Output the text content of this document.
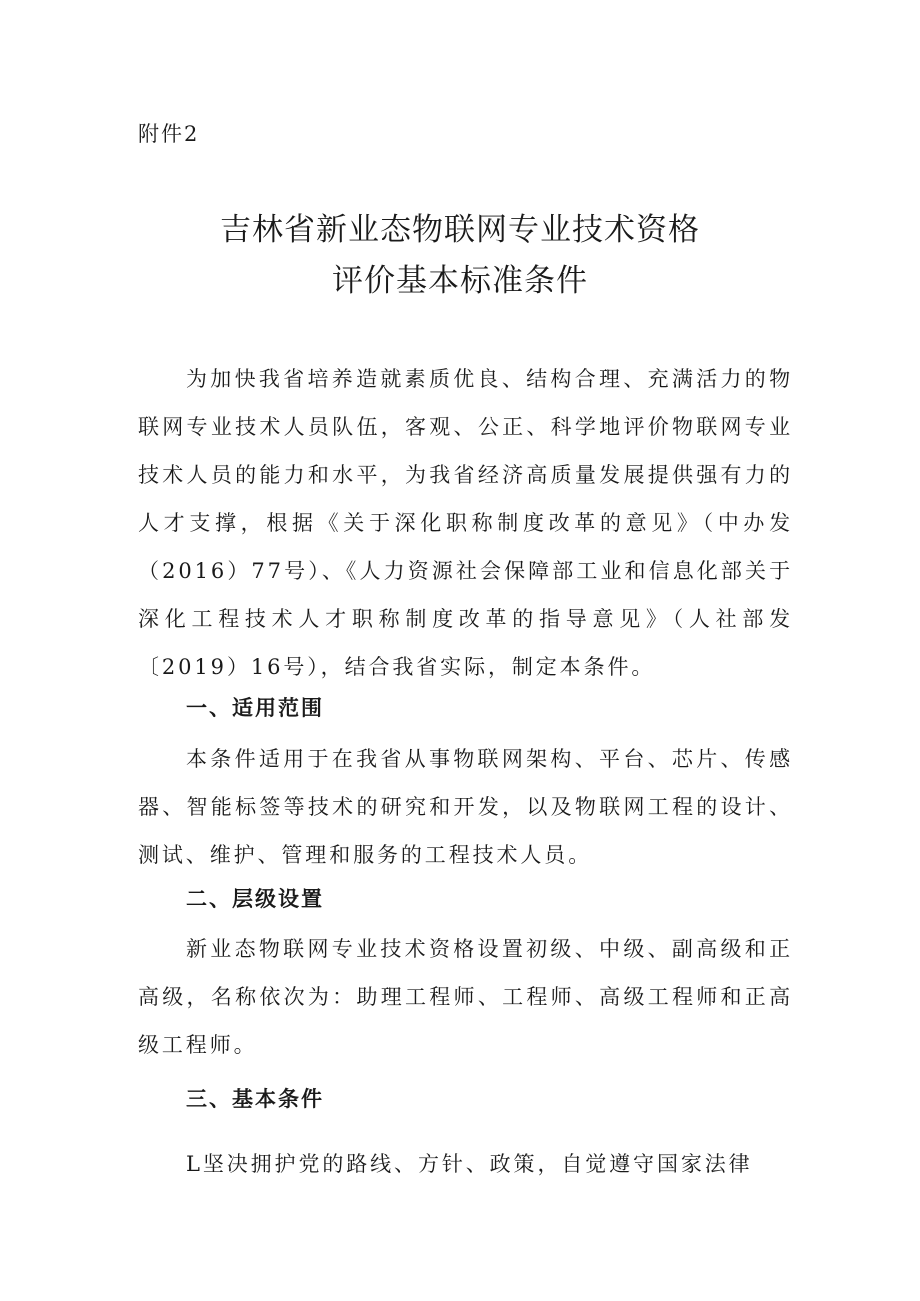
附件2
吉林省新业态物联网专业技术资格
评价基本标准条件

为加快我省培养造就素质优良、结构合理、充满活力的物联网专业技术人员队伍，客观、公正、科学地评价物联网专业技术人员的能力和水平，为我省经济高质量发展提供强有力的人才支撑，根据《关于深化职称制度改革的意见》（中办发（2016）77号）、《人力资源社会保障部工业和信息化部关于深化工程技术人才职称制度改革的指导意见》（人社部发〔2019）16号），结合我省实际，制定本条件。

一、适用范围

本条件适用于在我省从事物联网架构、平台、芯片、传感器、智能标签等技术的研究和开发，以及物联网工程的设计、测试、维护、管理和服务的工程技术人员。

二、层级设置

新业态物联网专业技术资格设置初级、中级、副高级和正高级，名称依次为：助理工程师、工程师、高级工程师和正高级工程师。

三、基本条件

L坚决拥护党的路线、方针、政策，自觉遵守国家法律
